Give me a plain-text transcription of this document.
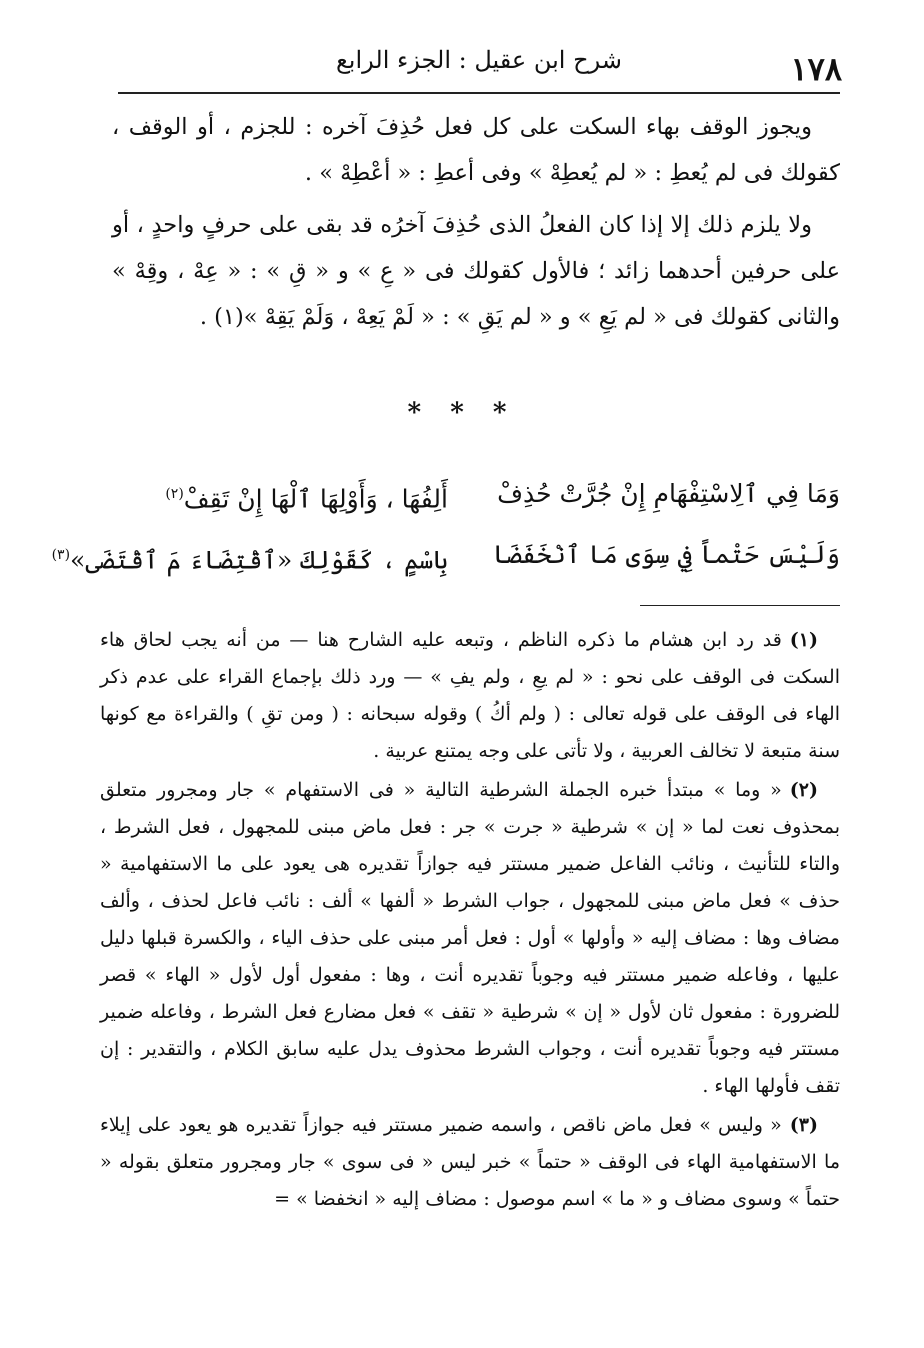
١٧٨
شرح ابن عقيل : الجزء الرابع

ويجوز الوقف بهاء السكت على كل فعل حُذِفَ آخره : للجزم ، أو الوقف ، كقولك فى لم يُعطِ : « لم يُعطِهْ » وفى أعطِ : « أعْطِهْ » .

ولا يلزم ذلك إلا إذا كان الفعلُ الذى حُذِفَ آخرُه قد بقى على حرفٍ واحدٍ ، أو على حرفين أحدهما زائد ؛ فالأول كقولك فى « عِ » و « قِ » : « عِهْ ، وقِهْ » والثانى كقولك فى « لم يَعِ » و « لم يَقِ » : « لَمْ يَعِهْ ، وَلَمْ يَقِهْ »(١) .

* * *
وَمَا فِي ٱلِاسْتِفْهَامِ إِنْ جُرَّتْ حُذِفْ
أَلِفُهَا ، وَأَوْلِهَا ٱلْهَا إِنْ تَقِفْ$^{(٢)}$
وَلَيْسَ حَتْماً فِي سِوَى مَا ٱنْخَفَضَا
بِاسْمٍ ، كَقَوْلِكَ «ٱقْتِضَاءَ مَ ٱقْتَضَى»$^{(٣)}$

(١)قد رد ابن هشام ما ذكره الناظم ، وتبعه عليه الشارح هنا — من أنه يجب لحاق هاء السكت فى الوقف على نحو : « لم يعِ ، ولم يفِ » — ورد ذلك بإجماع القراء على عدم ذكر الهاء فى الوقف على قوله تعالى : ( ولم أكُ ) وقوله سبحانه : ( ومن تقِ ) والقراءة مع كونها سنة متبعة لا تخالف العربية ، ولا تأتى على وجه يمتنع عربية .

(٢)« وما » مبتدأ خبره الجملة الشرطية التالية « فى الاستفهام » جار ومجرور متعلق بمحذوف نعت لما « إن » شرطية « جرت » جر : فعل ماض مبنى للمجهول ، فعل الشرط ، والتاء للتأنيث ، ونائب الفاعل ضمير مستتر فيه جوازاً تقديره هى يعود على ما الاستفهامية « حذف » فعل ماض مبنى للمجهول ، جواب الشرط « ألفها » ألف : نائب فاعل لحذف ، وألف مضاف وها : مضاف إليه « وأولها » أول : فعل أمر مبنى على حذف الياء ، والكسرة قبلها دليل عليها ، وفاعله ضمير مستتر فيه وجوباً تقديره أنت ، وها : مفعول أول لأول « الهاء » قصر للضرورة : مفعول ثان لأول « إن » شرطية « تقف » فعل مضارع فعل الشرط ، وفاعله ضمير مستتر فيه وجوباً تقديره أنت ، وجواب الشرط محذوف يدل عليه سابق الكلام ، والتقدير : إن تقف فأولها الهاء .

(٣)« وليس » فعل ماض ناقص ، واسمه ضمير مستتر فيه جوازاً تقديره هو يعود على إيلاء ما الاستفهامية الهاء فى الوقف « حتماً » خبر ليس « فى سوى » جار ومجرور متعلق بقوله « حتماً » وسوى مضاف و « ما » اسم موصول : مضاف إليه « انخفضا » =
